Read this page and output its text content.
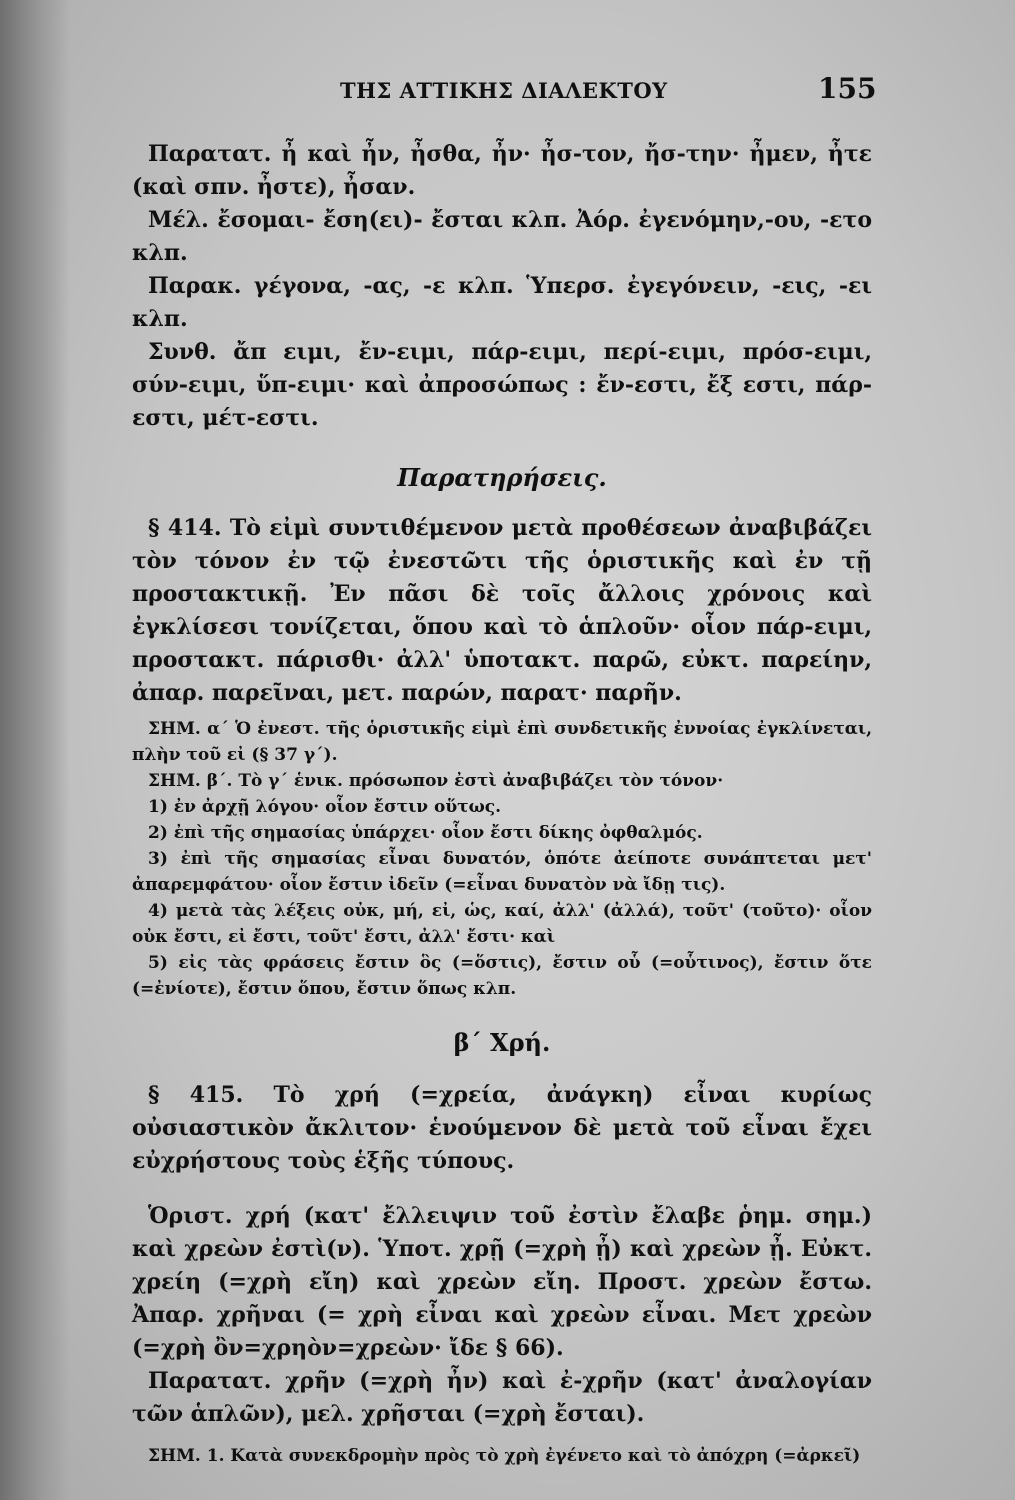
ΤΗΣ ΑΤΤΙΚΗΣ ΔΙΑΛΕΚΤΟΥ	155

Παρατατ. ἦ καὶ ἦν, ἦσθα, ἦν· ἦσ-τον, ἤσ-την· ἦμεν, ἦτε (καὶ σπν. ἦστε), ἦσαν.

Μέλ. ἔσομαι- ἔση(ει)- ἔσται κλπ. Ἀόρ. ἐγενόμην,-ου, -ετο κλπ.

Παρακ. γέγονα, -ας, -ε κλπ. Ὑπερσ. ἐγεγόνειν, -εις, -ει κλπ.

Συνθ. ἄπ ειμι, ἔν-ειμι, πάρ-ειμι, περί-ειμι, πρόσ-ειμι, σύν-ειμι, ὕπ-ειμι· καὶ ἀπροσώπως : ἔν-εστι, ἔξ εστι, πάρ-εστι, μέτ-εστι.

Παρατηρήσεις.

§ 414. Τὸ εἰμὶ συντιθέμενον μετὰ προθέσεων ἀναβιβάζει τὸν τόνον ἐν τῷ ἐνεστῶτι τῆς ὁριστικῆς καὶ ἐν τῇ προστακτικῇ. Ἐν πᾶσι δὲ τοῖς ἄλλοις χρόνοις καὶ ἐγκλίσεσι τονίζεται, ὅπου καὶ τὸ ἁπλοῦν· οἷον πάρ-ειμι, προστακτ. πάρισθι· ἀλλ' ὑποτακτ. παρῶ, εὐκτ. παρείην, ἀπαρ. παρεῖναι, μετ. παρών, παρατ· παρῆν.

ΣΗΜ. α΄ Ὁ ἐνεστ. τῆς ὁριστικῆς εἰμὶ ἐπὶ συνδετικῆς ἐννοίας ἐγκλίνεται, πλὴν τοῦ εἰ (§ 37 γ΄).

ΣΗΜ. β΄. Τὸ γ΄ ἑνικ. πρόσωπον ἐστὶ ἀναβιβάζει τὸν τόνον·

1) ἐν ἀρχῇ λόγου· οἷον ἔστιν οὕτως.

2) ἐπὶ τῆς σημασίας ὑπάρχει· οἷον ἔστι δίκης ὀφθαλμός.

3) ἐπὶ τῆς σημασίας εἶναι δυνατόν, ὁπότε ἀείποτε συνάπτεται μετ' ἀπαρεμφάτου· οἷον ἔστιν ἰδεῖν (=εἶναι δυνατὸν νὰ ἴδῃ τις).

4) μετὰ τὰς λέξεις οὐκ, μή, εἰ, ὡς, καί, ἀλλ' (ἀλλά), τοῦτ' (τοῦτο)· οἷον οὐκ ἔστι, εἰ ἔστι, τοῦτ' ἔστι, ἀλλ' ἔστι· καὶ

5) εἰς τὰς φράσεις ἔστιν ὃς (=ὅστις), ἔστιν οὗ (=οὗτινος), ἔστιν ὅτε (=ἐνίοτε), ἔστιν ὅπου, ἔστιν ὅπως κλπ.

β΄ Χρή.

§ 415. Τὸ χρή (=χρεία, ἀνάγκη) εἶναι κυρίως οὐσιαστικὸν ἄκλιτον· ἑνούμενον δὲ μετὰ τοῦ εἶναι ἔχει εὐχρήστους τοὺς ἑξῆς τύπους.

Ὁριστ. χρή (κατ' ἔλλειψιν τοῦ ἐστὶν ἔλαβε ῥημ. σημ.) καὶ χρεὼν ἐστὶ(ν). Ὑποτ. χρῇ (=χρὴ ᾖ) καὶ χρεὼν ᾖ. Εὐκτ. χρείη (=χρὴ εἴη) καὶ χρεὼν εἴη. Προστ. χρεὼν ἔστω. Ἀπαρ. χρῆναι (= χρὴ εἶναι καὶ χρεὼν εἶναι. Μετ χρεὼν (=χρὴ ὂν=χρηὸν=χρεὼν· ἴδε § 66).

Παρατατ. χρῆν (=χρὴ ἦν) καὶ ἐ-χρῆν (κατ' ἀναλογίαν τῶν ἁπλῶν), μελ. χρῆσται (=χρὴ ἔσται).

ΣΗΜ. 1. Κατὰ συνεκδρομὴν πρὸς τὸ χρὴ ἐγένετο καὶ τὸ ἀπόχρη (=ἀρκεῖ)
